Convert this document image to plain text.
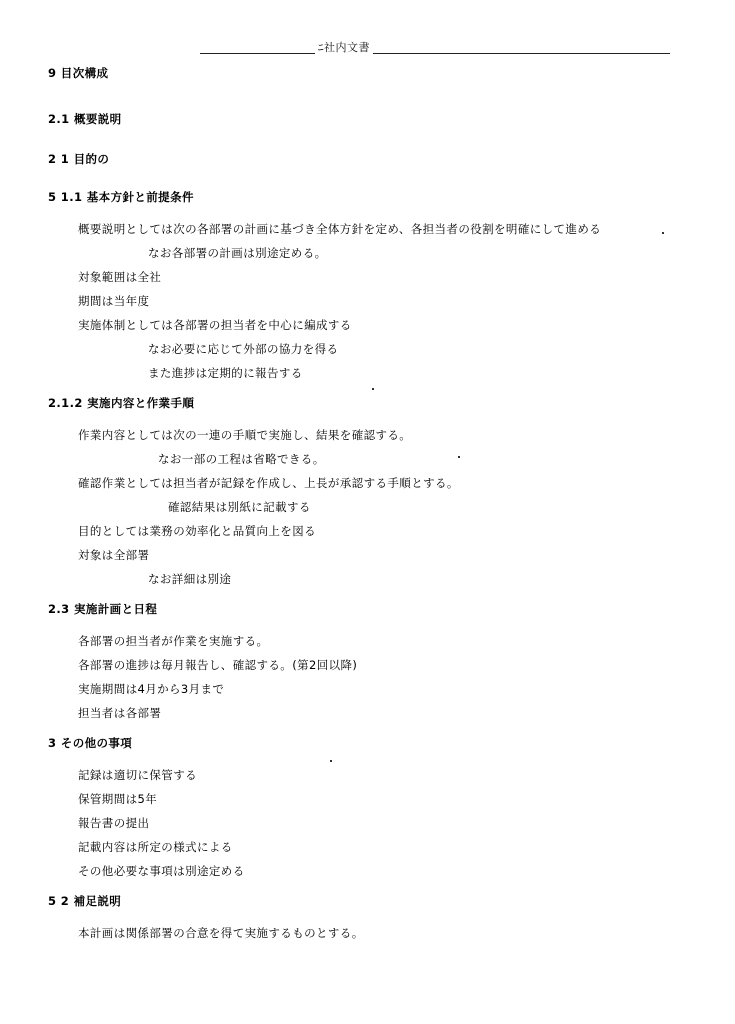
ﾆ社内文書
9 目次構成
2.1 概要説明
2 1 目的の
5 1.1 基本方針と前提条件
概要説明としては次の各部署の計画に基づき全体方針を定め、各担当者の役割を明確にして進める
なお各部署の計画は別途定める。
対象範囲は全社
期間は当年度
実施体制としては各部署の担当者を中心に編成する
なお必要に応じて外部の協力を得る
また進捗は定期的に報告する
2.1.2 実施内容と作業手順
作業内容としては次の一連の手順で実施し、結果を確認する。
なお一部の工程は省略できる。
確認作業としては担当者が記録を作成し、上長が承認する手順とする。
確認結果は別紙に記載する
目的としては業務の効率化と品質向上を図る
対象は全部署
なお詳細は別途
2.3 実施計画と日程
各部署の担当者が作業を実施する。
各部署の進捗は毎月報告し、確認する。(第2回以降)
実施期間は4月から3月まで
担当者は各部署
3 その他の事項
記録は適切に保管する
保管期間は5年
報告書の提出
記載内容は所定の様式による
その他必要な事項は別途定める
5 2 補足説明
本計画は関係部署の合意を得て実施するものとする。
